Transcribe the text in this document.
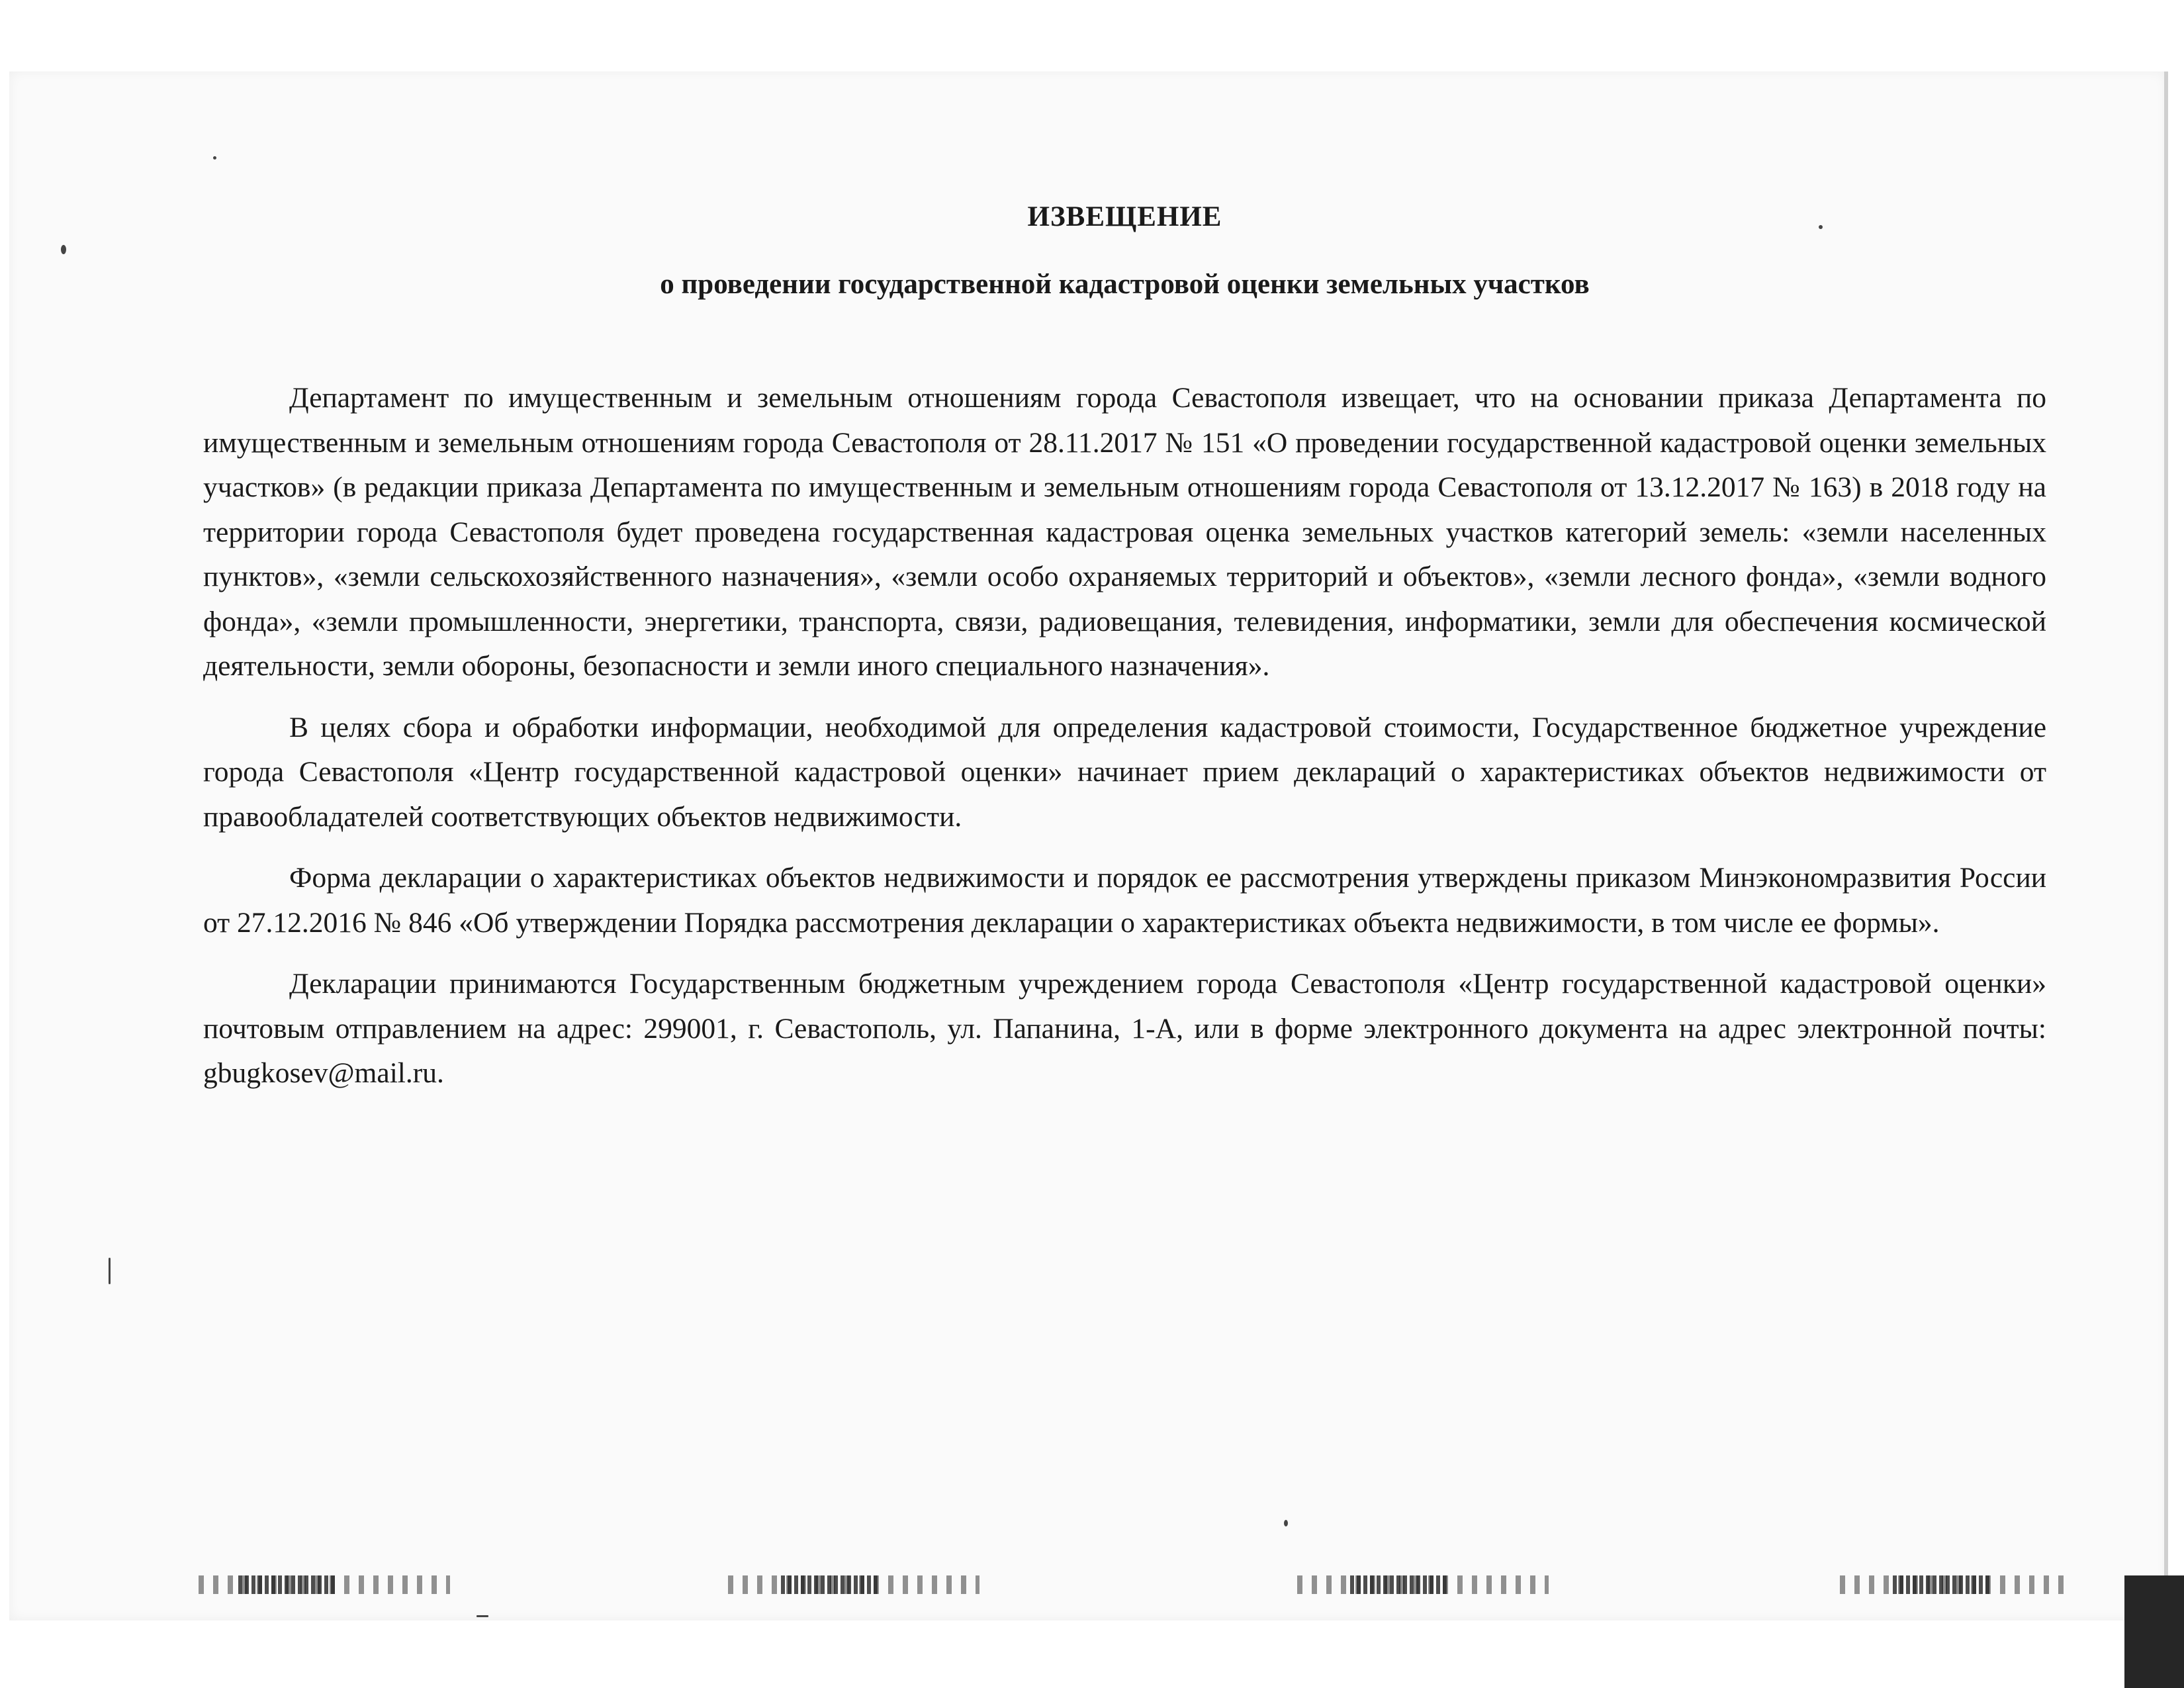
ИЗВЕЩЕНИЕ
о проведении государственной кадастровой оценки земельных участков

Департамент по имущественным и земельным отношениям города Севастополя извещает, что на основании приказа Департамента по имущественным и земельным отношениям города Севастополя от 28.11.2017 № 151 «О проведении государственной кадастровой оценки земельных участков» (в редакции приказа Департамента по имущественным и земельным отношениям города Севастополя от 13.12.2017 № 163) в 2018 году на территории города Севастополя будет проведена государственная кадастровая оценка земельных участков категорий земель: «земли населенных пунктов», «земли сельскохозяйственного назначения», «земли особо охраняемых территорий и объектов», «земли лесного фонда», «земли водного фонда», «земли промышленности, энергетики, транспорта, связи, радиовещания, телевидения, информатики, земли для обеспечения космической деятельности, земли обороны, безопасности и земли иного специального назначения».

В целях сбора и обработки информации, необходимой для определения кадастровой стоимости, Государственное бюджетное учреждение города Севастополя «Центр государственной кадастровой оценки» начинает прием деклараций о характеристиках объектов недвижимости от правообладателей соответствующих объектов недвижимости.

Форма декларации о характеристиках объектов недвижимости и порядок ее рассмотрения утверждены приказом Минэкономразвития России от 27.12.2016 № 846 «Об утверждении Порядка рассмотрения декларации о характеристиках объекта недвижимости, в том числе ее формы».

Декларации принимаются Государственным бюджетным учреждением города Севастополя «Центр государственной кадастровой оценки» почтовым отправлением на адрес: 299001, г. Севастополь, ул. Папанина, 1-А, или в форме электронного документа на адрес электронной почты: gbugkosev@mail.ru.
